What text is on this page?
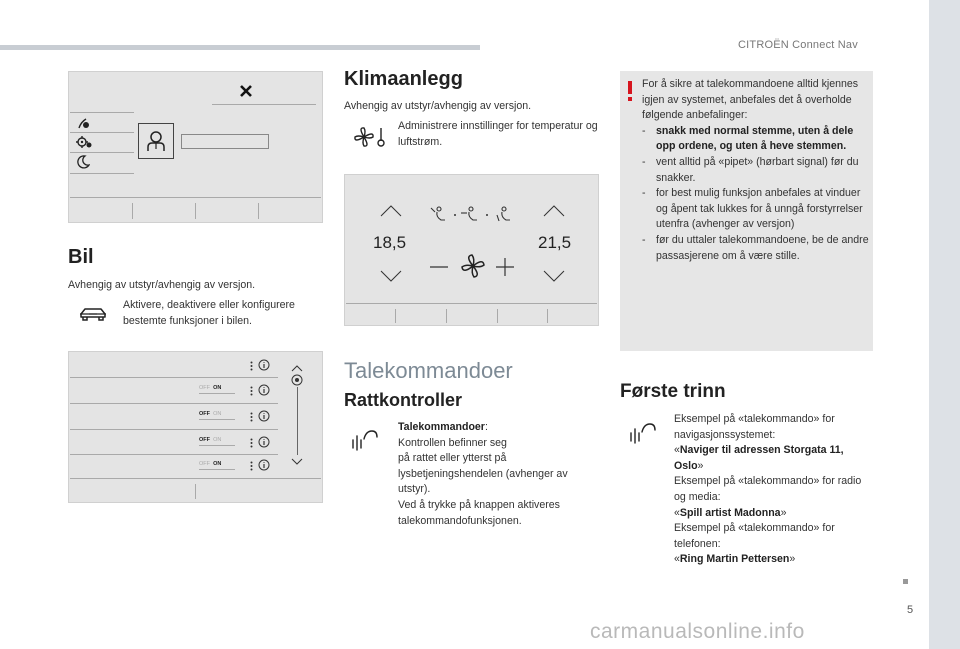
CITROËN Connect Nav
5
carmanualsonline.info
Bil
Avhengig av utstyr/avhengig av versjon.
Aktivere, deaktivere eller konfigurere bestemte funksjoner i bilen.
OFF ON
OFF ON
OFF ON
OFF ON
Klimaanlegg
Avhengig av utstyr/avhengig av versjon.
Administrere innstillinger for temperatur og luftstrøm.
18,5	21,5
Talekommandoer
Rattkontroller
Talekommandoer:
Kontrollen befinner seg
på rattet eller ytterst på lysbetjeningshendelen (avhenger av utstyr).
Ved å trykke på knappen aktiveres talekommandofunksjonen.
For å sikre at talekommandoene alltid kjennes igjen av systemet, anbefales det å overholde følgende anbefalinger:
- snakk med normal stemme, uten å dele opp ordene, og uten å heve stemmen.
- vent alltid på «pipet» (hørbart signal) før du snakker.
- for best mulig funksjon anbefales at vinduer og åpent tak lukkes for å unngå forstyrrelser utenfra (avhenger av versjon)
- før du uttaler talekommandoene, be de andre passasjerene om å være stille.
Første trinn
Eksempel på «talekommando» for navigasjonssystemet:
«Naviger til adressen Storgata 11, Oslo»
Eksempel på «talekommando» for radio og media:
«Spill artist Madonna»
Eksempel på «talekommando» for telefonen:
«Ring Martin Pettersen»
